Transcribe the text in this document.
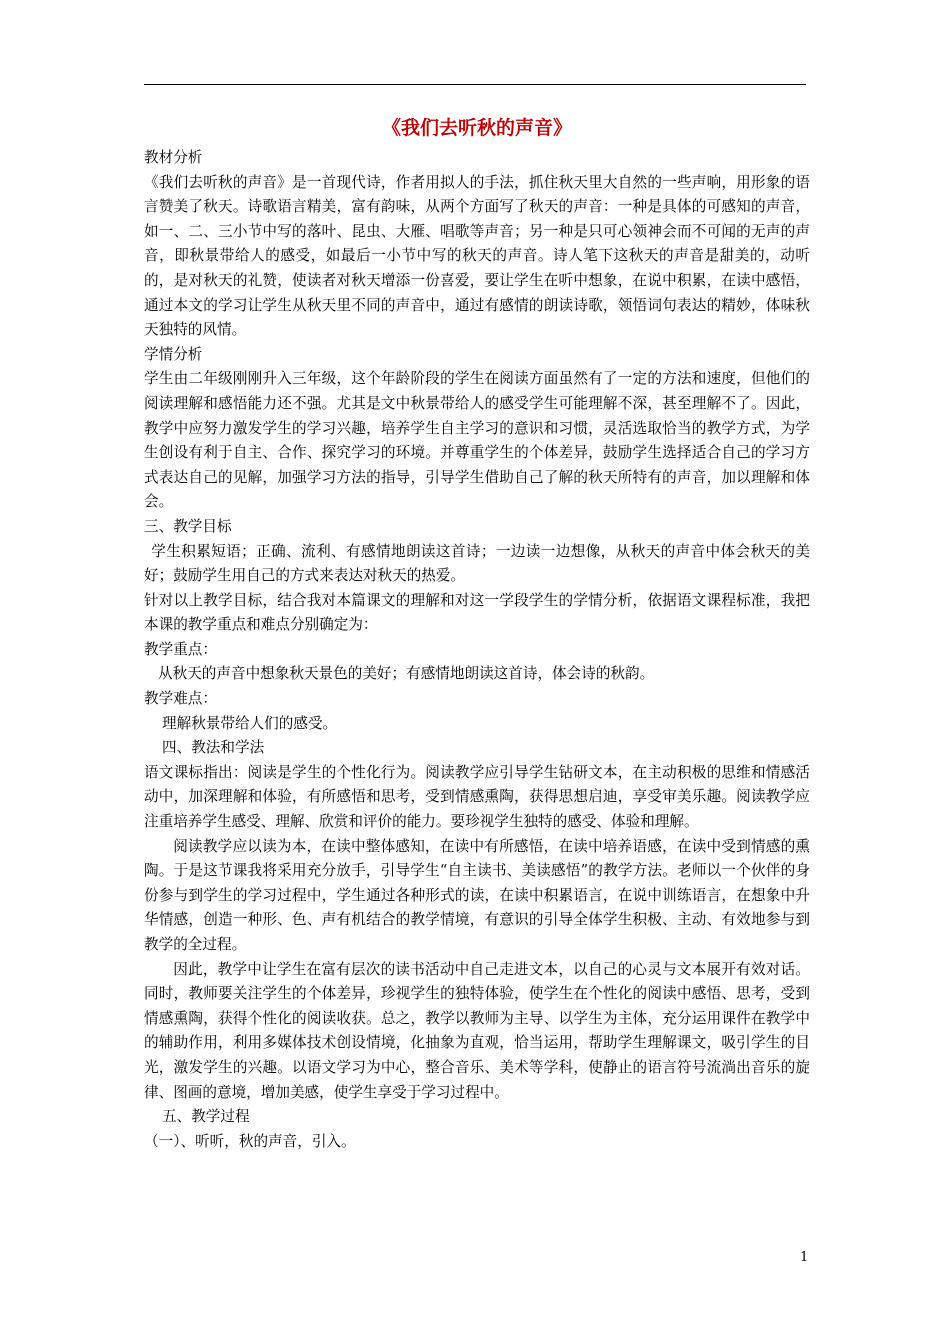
《我们去听秋的声音》

教材分析

《我们去听秋的声音》是一首现代诗，作者用拟人的手法，抓住秋天里大自然的一些声响，用形象的语言赞美了秋天。诗歌语言精美，富有韵味，从两个方面写了秋天的声音：一种是具体的可感知的声音，如一、二、三小节中写的落叶、昆虫、大雁、唱歌等声音；另一种是只可心领神会而不可闻的无声的声音，即秋景带给人的感受，如最后一小节中写的秋天的声音。诗人笔下这秋天的声音是甜美的，动听的，是对秋天的礼赞，使读者对秋天增添一份喜爱，要让学生在听中想象，在说中积累，在读中感悟，通过本文的学习让学生从秋天里不同的声音中，通过有感情的朗读诗歌，领悟词句表达的精妙，体味秋天独特的风情。

学情分析

学生由二年级刚刚升入三年级，这个年龄阶段的学生在阅读方面虽然有了一定的方法和速度，但他们的阅读理解和感悟能力还不强。尤其是文中秋景带给人的感受学生可能理解不深，甚至理解不了。因此，教学中应努力激发学生的学习兴趣，培养学生自主学习的意识和习惯，灵活选取恰当的教学方式，为学生创设有利于自主、合作、探究学习的环境。并尊重学生的个体差异，鼓励学生选择适合自己的学习方式表达自己的见解，加强学习方法的指导，引导学生借助自己了解的秋天所特有的声音，加以理解和体会。

三、教学目标

学生积累短语；正确、流利、有感情地朗读这首诗；一边读一边想像，从秋天的声音中体会秋天的美好；鼓励学生用自己的方式来表达对秋天的热爱。

针对以上教学目标，结合我对本篇课文的理解和对这一学段学生的学情分析，依据语文课程标准，我把本课的教学重点和难点分别确定为：

教学重点：

从秋天的声音中想象秋天景色的美好；有感情地朗读这首诗，体会诗的秋韵。

教学难点：

理解秋景带给人们的感受。

四、教法和学法

语文课标指出：阅读是学生的个性化行为。阅读教学应引导学生钻研文本，在主动积极的思维和情感活动中，加深理解和体验，有所感悟和思考，受到情感熏陶，获得思想启迪，享受审美乐趣。阅读教学应注重培养学生感受、理解、欣赏和评价的能力。要珍视学生独特的感受、体验和理解。

阅读教学应以读为本，在读中整体感知，在读中有所感悟，在读中培养语感，在读中受到情感的熏陶。于是这节课我将采用充分放手，引导学生“自主读书、美读感悟”的教学方法。老师以一个伙伴的身份参与到学生的学习过程中，学生通过各种形式的读，在读中积累语言，在说中训练语言，在想象中升华情感，创造一种形、色、声有机结合的教学情境，有意识的引导全体学生积极、主动、有效地参与到教学的全过程。

因此，教学中让学生在富有层次的读书活动中自己走进文本，以自己的心灵与文本展开有效对话。同时，教师要关注学生的个体差异，珍视学生的独特体验，使学生在个性化的阅读中感悟、思考，受到情感熏陶，获得个性化的阅读收获。总之，教学以教师为主导、以学生为主体，充分运用课件在教学中的辅助作用，利用多媒体技术创设情境，化抽象为直观，恰当运用，帮助学生理解课文，吸引学生的目光，激发学生的兴趣。以语文学习为中心，整合音乐、美术等学科，使静止的语言符号流淌出音乐的旋律、图画的意境，增加美感，使学生享受于学习过程中。

五、教学过程

（一）、听听，秋的声音，引入。

1
